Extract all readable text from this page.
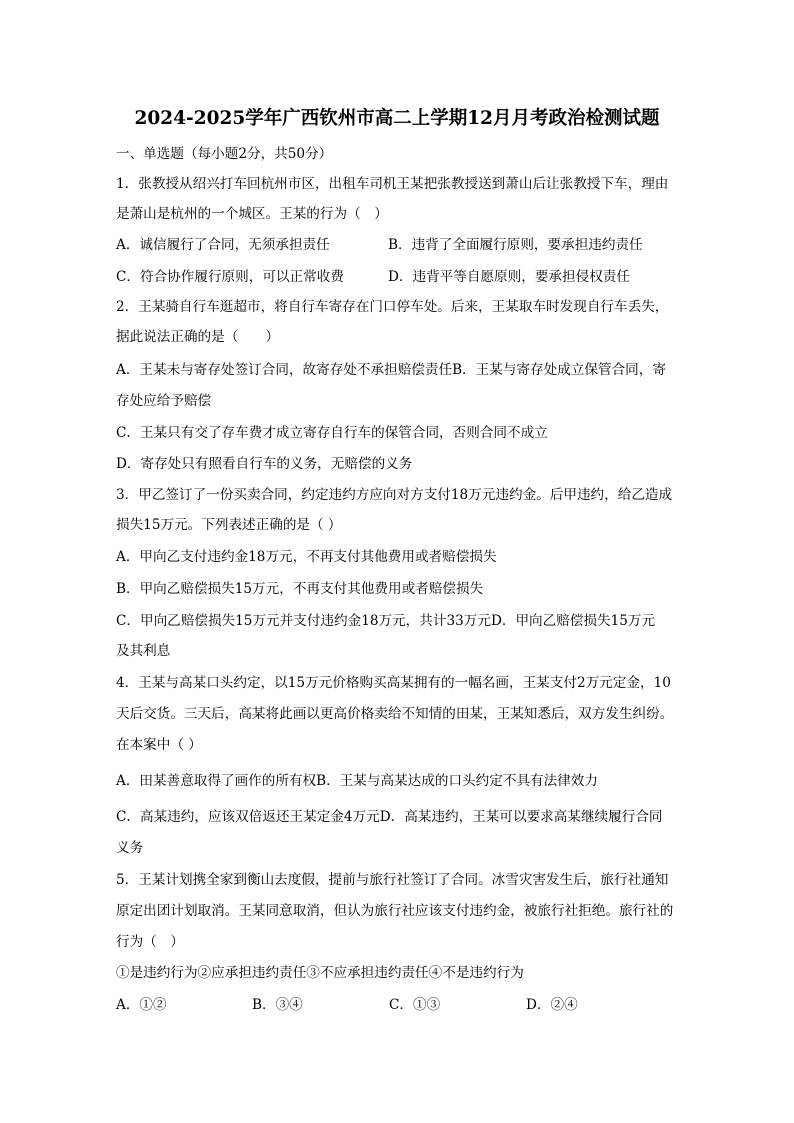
2024-2025学年广西钦州市高二上学期12月月考政治检测试题
一、单选题（每小题2分，共50分）
1．张教授从绍兴打车回杭州市区，出租车司机王某把张教授送到萧山后让张教授下车，理由
是萧山是杭州的一个城区。王某的行为（　）
A．诚信履行了合同，无须承担责任	B．违背了全面履行原则，要承担违约责任
C．符合协作履行原则，可以正常收费	D．违背平等自愿原则，要承担侵权责任
2．王某骑自行车逛超市，将自行车寄存在门口停车处。后来，王某取车时发现自行车丢失，
据此说法正确的是（　　）
A．王某未与寄存处签订合同，故寄存处不承担赔偿责任B．王某与寄存处成立保管合同，寄
存处应给予赔偿
C．王某只有交了存车费才成立寄存自行车的保管合同，否则合同不成立
D．寄存处只有照看自行车的义务，无赔偿的义务
3．甲乙签订了一份买卖合同，约定违约方应向对方支付18万元违约金。后甲违约，给乙造成
损失15万元。下列表述正确的是（ ）
A．甲向乙支付违约金18万元，不再支付其他费用或者赔偿损失
B．甲向乙赔偿损失15万元，不再支付其他费用或者赔偿损失
C．甲向乙赔偿损失15万元并支付违约金18万元，共计33万元D．甲向乙赔偿损失15万元
及其利息
4．王某与高某口头约定，以15万元价格购买高某拥有的一幅名画，王某支付2万元定金，10
天后交货。三天后，高某将此画以更高价格卖给不知情的田某，王某知悉后，双方发生纠纷。
在本案中（ ）
A．田某善意取得了画作的所有权B．王某与高某达成的口头约定不具有法律效力
C．高某违约，应该双倍返还王某定金4万元D．高某违约，王某可以要求高某继续履行合同
义务
5．王某计划携全家到衡山去度假，提前与旅行社签订了合同。冰雪灾害发生后，旅行社通知
原定出团计划取消。王某同意取消，但认为旅行社应该支付违约金，被旅行社拒绝。旅行社的
行为（　）
①是违约行为②应承担违约责任③不应承担违约责任④不是违约行为
A．①②	B．③④	C．①③	D．②④
